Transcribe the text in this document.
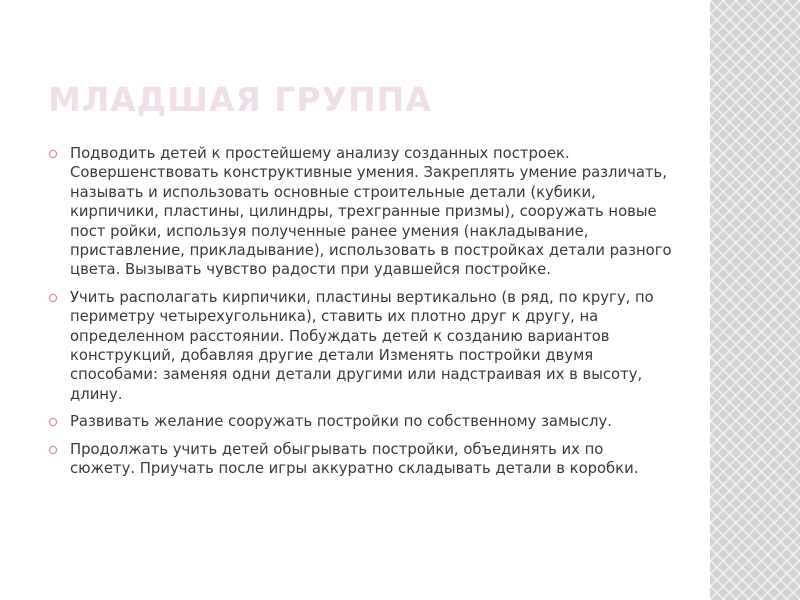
МЛАДШАЯ ГРУППА
Подводить детей к простейшему анализу созданных построек. Совершенствовать конструктивные умения. Закреплять умение различать, называть и использовать основные строительные детали (кубики, кирпичики, пластины, цилиндры, трехгранные призмы), сооружать новые пост ройки, используя полученные ранее умения (накладывание, приставление, прикладывание), использовать в постройках детали разного цвета. Вызывать чувство радости при удавшейся постройке.
Учить располагать кирпичики, пластины вертикально (в ряд, по кругу, по периметру четырехугольника), ставить их плотно друг к другу, на определенном расстоянии. Побуждать детей к созданию вариантов конструкций, добавляя другие детали Изменять постройки двумя способами: заменяя одни детали другими или надстраивая их в высоту, длину.
Развивать желание сооружать постройки по собственному замыслу.
Продолжать учить детей обыгрывать постройки, объединять их по сюжету. Приучать после игры аккуратно складывать детали в коробки.
